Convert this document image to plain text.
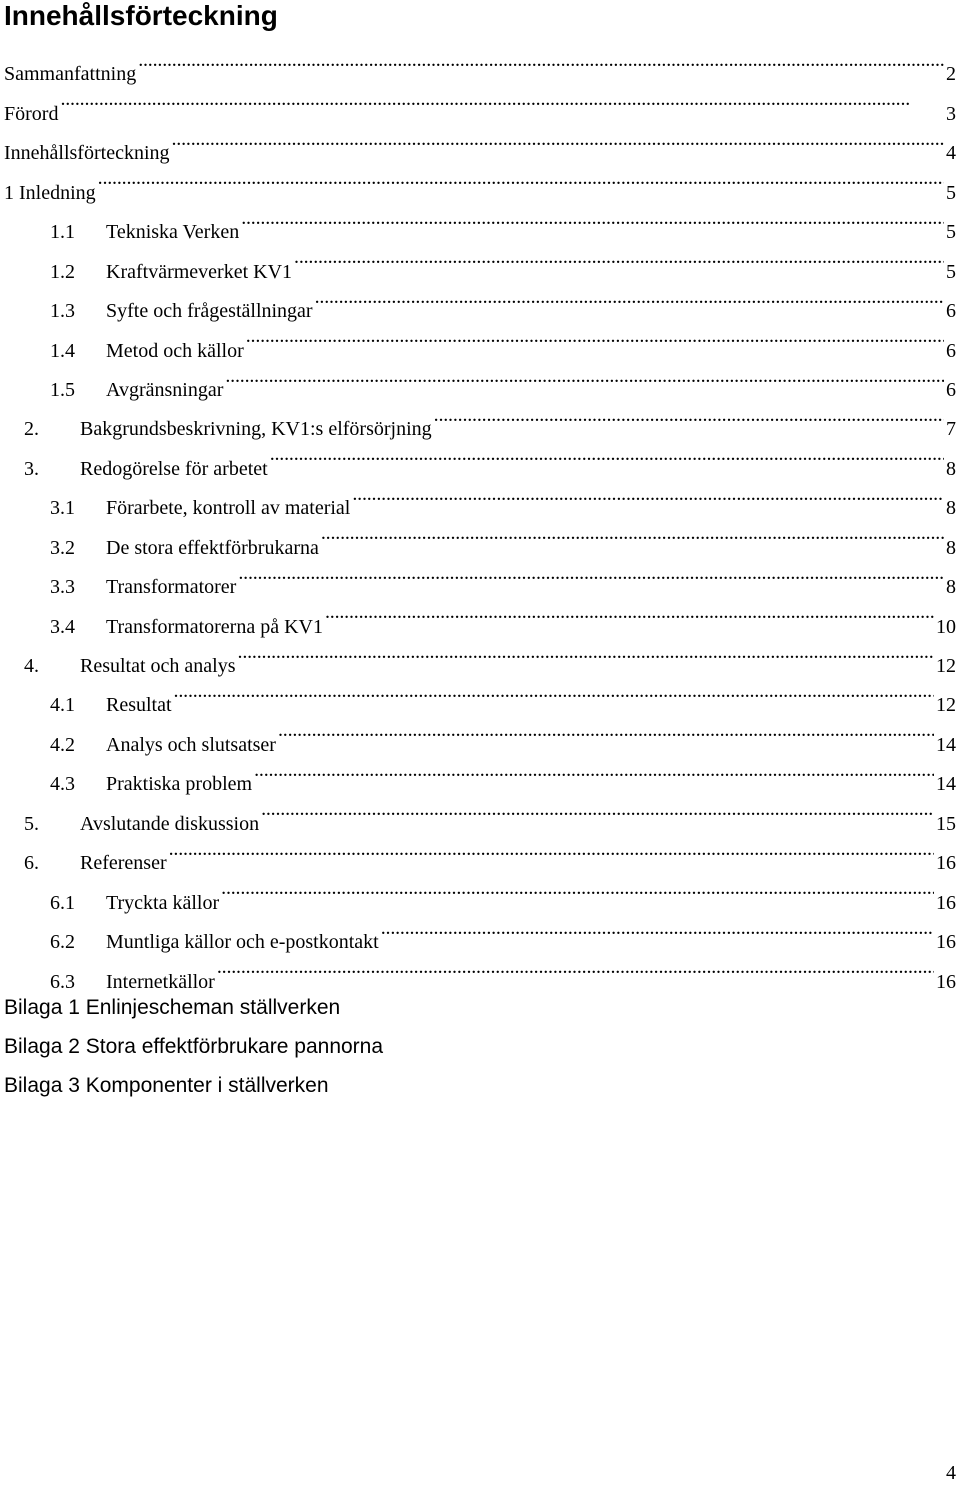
Innehållsförteckning
Sammanfattning . . .	2
Förord . . .	3
Innehållsförteckning . . .	4
1 Inledning . . .	5
1.1	Tekniska Verken . . .	5
1.2	Kraftvärmeverket KV1 . . .	5
1.3	Syfte och frågeställningar . . .	6
1.4	Metod och källor . . .	6
1.5	Avgränsningar . . .	6
2.	Bakgrundsbeskrivning, KV1:s elförsörjning . . .	7
3.	Redogörelse för arbetet . . .	8
3.1	Förarbete, kontroll av material . . .	8
3.2	De stora effektförbrukarna . . .	8
3.3	Transformatorer . . .	8
3.4	Transformatorerna på KV1 . . .	10
4.	Resultat och analys . . .	12
4.1	Resultat . . .	12
4.2	Analys och slutsatser . . .	14
4.3	Praktiska problem . . .	14
5.	Avslutande diskussion . . .	15
6.	Referenser . . .	16
6.1	Tryckta källor . . .	16
6.2	Muntliga källor och e-postkontakt . . .	16
6.3	Internetkällor . . .	16
Bilaga 1 Enlinjescheman ställverken
Bilaga 2 Stora effektförbrukare pannorna
Bilaga 3 Komponenter i ställverken
4
